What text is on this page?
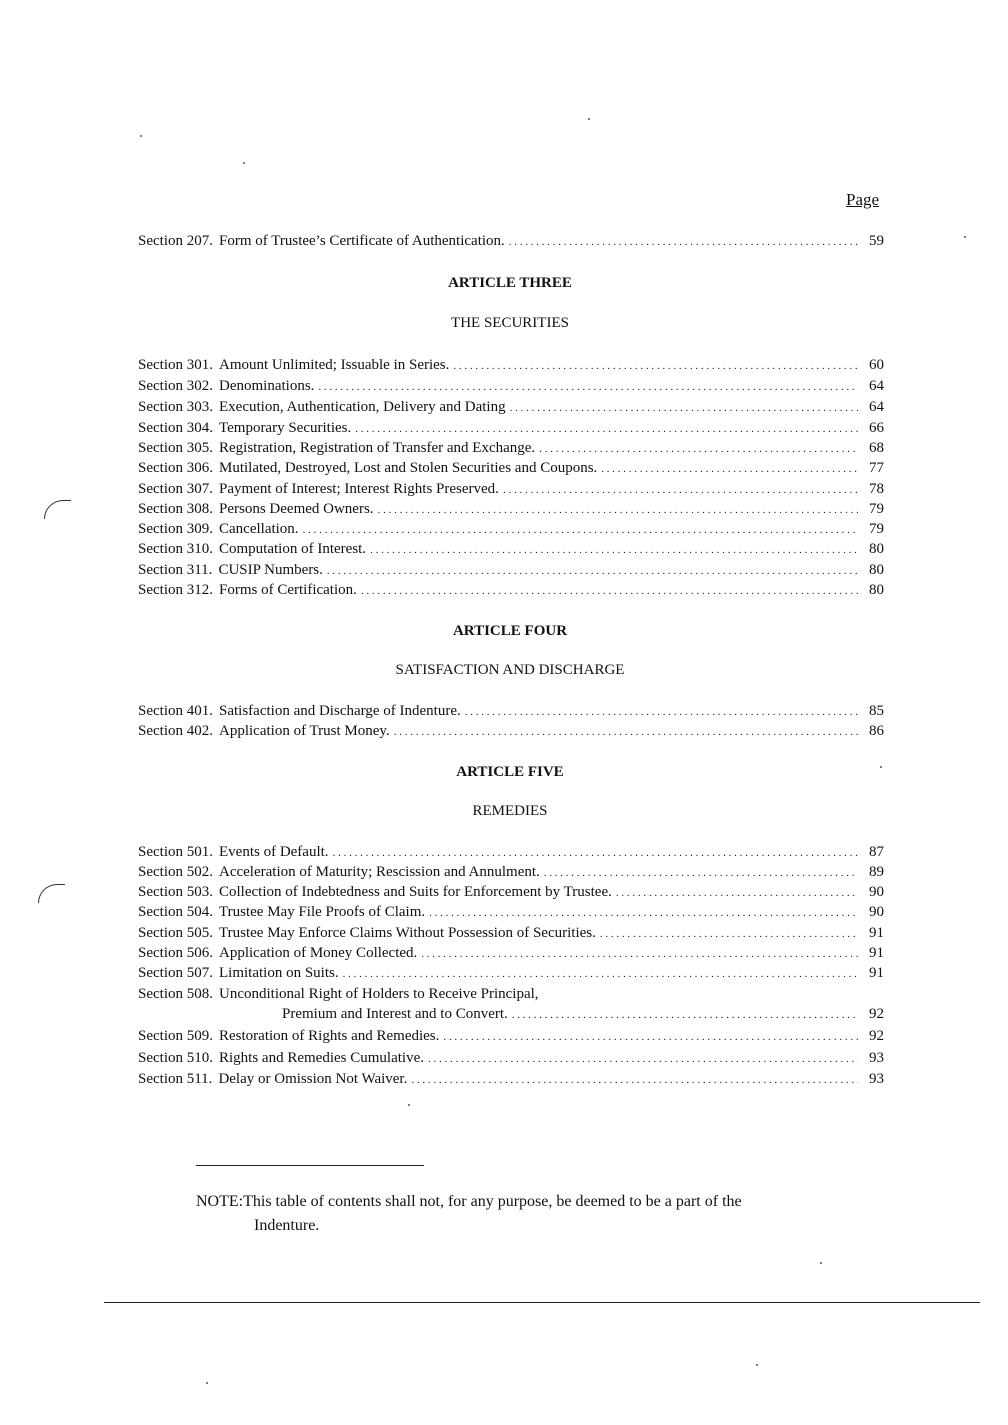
Page
Section 207. Form of Trustee’s Certificate of Authentication. . . .	59
ARTICLE THREE
THE SECURITIES
Section 301. Amount Unlimited; Issuable in Series. . . .	60
Section 302. Denominations. . . .	64
Section 303. Execution, Authentication, Delivery and Dating . . .	64
Section 304. Temporary Securities. . . .	66
Section 305. Registration, Registration of Transfer and Exchange. . . .	68
Section 306. Mutilated, Destroyed, Lost and Stolen Securities and Coupons. . . .	77
Section 307. Payment of Interest; Interest Rights Preserved. . . .	78
Section 308. Persons Deemed Owners. . . .	79
Section 309. Cancellation. . . .	79
Section 310. Computation of Interest. . . .	80
Section 311. CUSIP Numbers. . . .	80
Section 312. Forms of Certification. . . .	80
ARTICLE FOUR
SATISFACTION AND DISCHARGE
Section 401. Satisfaction and Discharge of Indenture. . . .	85
Section 402. Application of Trust Money. . . .	86
ARTICLE FIVE
REMEDIES
Section 501. Events of Default. . . .	87
Section 502. Acceleration of Maturity; Rescission and Annulment. . . .	89
Section 503. Collection of Indebtedness and Suits for Enforcement by Trustee. . . .	90
Section 504. Trustee May File Proofs of Claim. . . .	90
Section 505. Trustee May Enforce Claims Without Possession of Securities. . . .	91
Section 506. Application of Money Collected. . . .	91
Section 507. Limitation on Suits. . . .	91
Section 508. Unconditional Right of Holders to Receive Principal,
Premium and Interest and to Convert. . . .	92
Section 509. Restoration of Rights and Remedies. . . .	92
Section 510. Rights and Remedies Cumulative. . . .	93
Section 511. Delay or Omission Not Waiver. . . .	93
NOTE:This table of contents shall not, for any purpose, be deemed to be a part of the
Indenture.
